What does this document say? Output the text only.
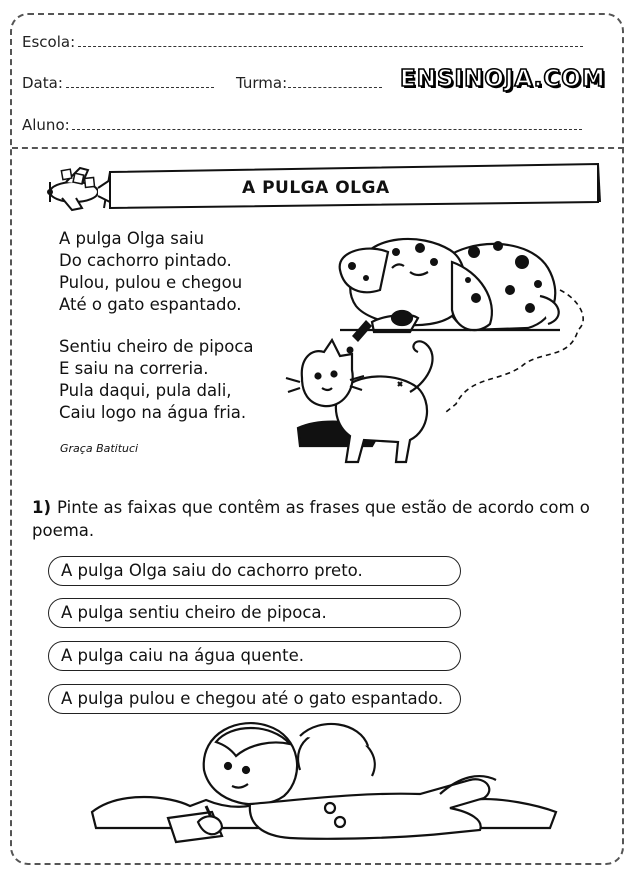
Escola:
Data:	Turma:	ENSINOJA.COM
Aluno:
A PULGA OLGA
A pulga Olga saiu
Do cachorro pintado.
Pulou, pulou e chegou
Até o gato espantado.
Sentiu cheiro de pipoca
E saiu na correria.
Pula daqui, pula dali,
Caiu logo na água fria.
Graça Batituci
1) Pinte as faixas que contêm as frases que estão de acordo com o poema.
A pulga Olga saiu do cachorro preto.
A pulga sentiu cheiro de pipoca.
A pulga caiu na água quente.
A pulga pulou e chegou até o gato espantado.
